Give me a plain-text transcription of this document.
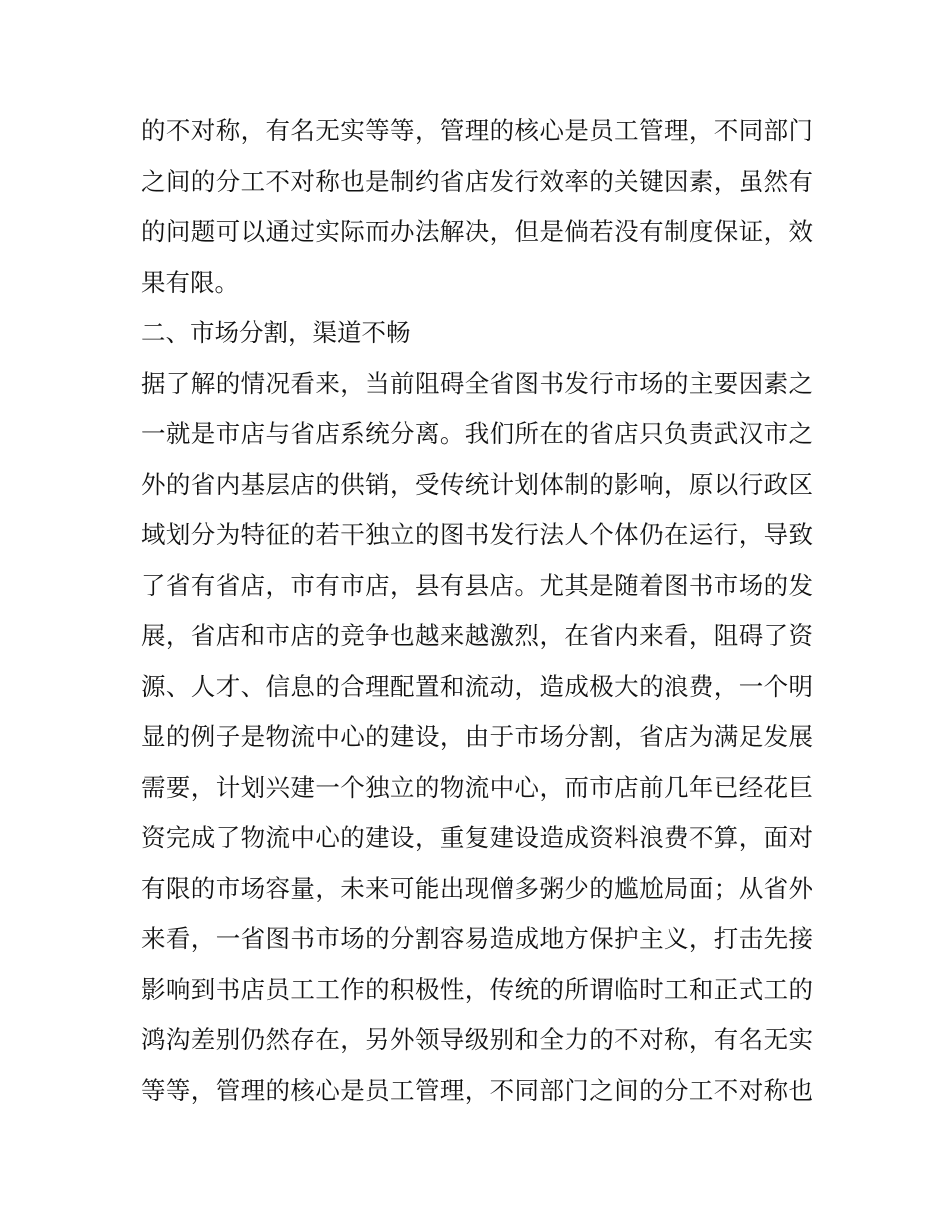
的不对称，有名无实等等，管理的核心是员工管理，不同部门
之间的分工不对称也是制约省店发行效率的关键因素，虽然有
的问题可以通过实际而办法解决，但是倘若没有制度保证，效
果有限。
二、市场分割，渠道不畅
据了解的情况看来，当前阻碍全省图书发行市场的主要因素之
一就是市店与省店系统分离。我们所在的省店只负责武汉市之
外的省内基层店的供销，受传统计划体制的影响，原以行政区
域划分为特征的若干独立的图书发行法人个体仍在运行，导致
了省有省店，市有市店，县有县店。尤其是随着图书市场的发
展，省店和市店的竞争也越来越激烈，在省内来看，阻碍了资
源、人才、信息的合理配置和流动，造成极大的浪费，一个明
显的例子是物流中心的建设，由于市场分割，省店为满足发展
需要，计划兴建一个独立的物流中心，而市店前几年已经花巨
资完成了物流中心的建设，重复建设造成资料浪费不算，面对
有限的市场容量，未来可能出现僧多粥少的尴尬局面；从省外
来看，一省图书市场的分割容易造成地方保护主义，打击先接
影响到书店员工工作的积极性，传统的所谓临时工和正式工的
鸿沟差别仍然存在，另外领导级别和全力的不对称，有名无实
等等，管理的核心是员工管理，不同部门之间的分工不对称也
